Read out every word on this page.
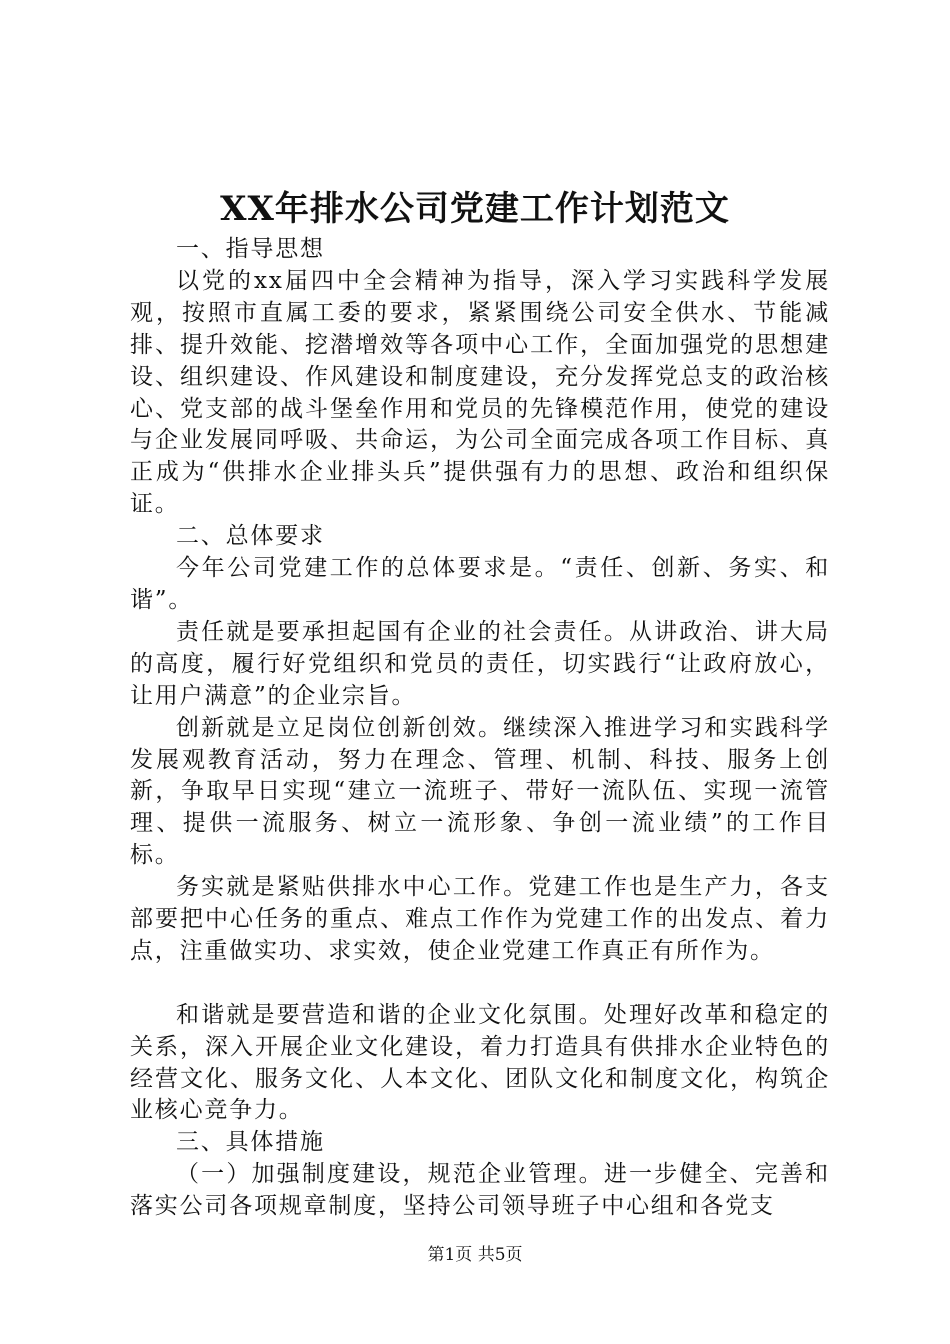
XX年排水公司党建工作计划范文

一、指导思想

以党的xx届四中全会精神为指导，深入学习实践科学发展观，按照市直属工委的要求，紧紧围绕公司安全供水、节能减排、提升效能、挖潜增效等各项中心工作，全面加强党的思想建设、组织建设、作风建设和制度建设，充分发挥党总支的政治核心、党支部的战斗堡垒作用和党员的先锋模范作用，使党的建设与企业发展同呼吸、共命运，为公司全面完成各项工作目标、真正成为“供排水企业排头兵”提供强有力的思想、政治和组织保证。

二、总体要求

今年公司党建工作的总体要求是。“责任、创新、务实、和谐”。

责任就是要承担起国有企业的社会责任。从讲政治、讲大局的高度，履行好党组织和党员的责任，切实践行“让政府放心，让用户满意”的企业宗旨。

创新就是立足岗位创新创效。继续深入推进学习和实践科学发展观教育活动，努力在理念、管理、机制、科技、服务上创新，争取早日实现“建立一流班子、带好一流队伍、实现一流管理、提供一流服务、树立一流形象、争创一流业绩”的工作目标。

务实就是紧贴供排水中心工作。党建工作也是生产力，各支部要把中心任务的重点、难点工作作为党建工作的出发点、着力点，注重做实功、求实效，使企业党建工作真正有所作为。

和谐就是要营造和谐的企业文化氛围。处理好改革和稳定的关系，深入开展企业文化建设，着力打造具有供排水企业特色的经营文化、服务文化、人本文化、团队文化和制度文化，构筑企业核心竞争力。

三、具体措施

（一）加强制度建设，规范企业管理。进一步健全、完善和落实公司各项规章制度，坚持公司领导班子中心组和各党支

第1页 共5页
